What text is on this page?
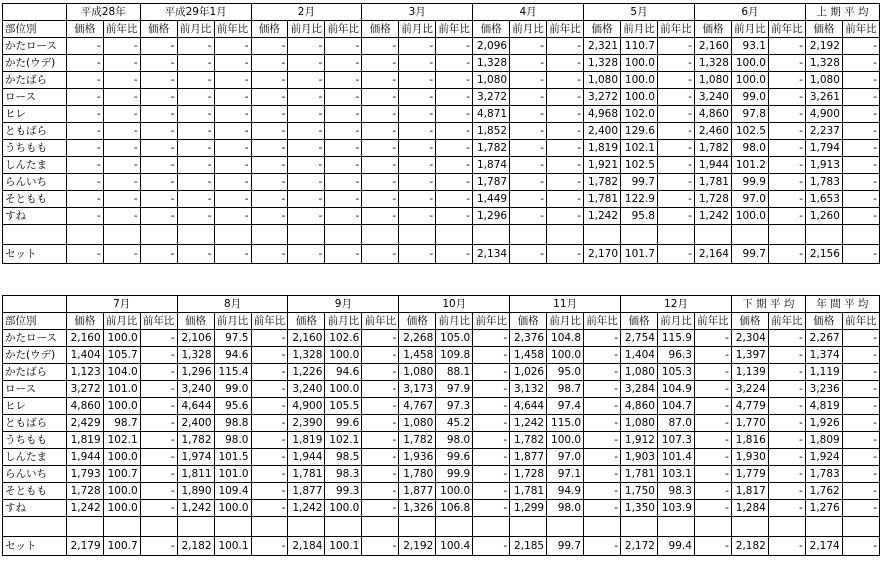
	平成28年		平成29年1月			2月			3月			4月			5月			6月			上 期 平 均	
部位別	価格	前年比	価格	前月比	前年比	価格	前月比	前年比	価格	前月比	前年比	価格	前月比	前年比	価格	前月比	前年比	価格	前月比	前年比	価格	前年比
かたロース	-	-	-	-	-	-	-	-	-	-	-	2,096	-	-	2,321	110.7	-	2,160	93.1	-	2,192	-
かた(ウデ)	-	-	-	-	-	-	-	-	-	-	-	1,328	-	-	1,328	100.0	-	1,328	100.0	-	1,328	-
かたばら	-	-	-	-	-	-	-	-	-	-	-	1,080	-	-	1,080	100.0	-	1,080	100.0	-	1,080	-
ロース	-	-	-	-	-	-	-	-	-	-	-	3,272	-	-	3,272	100.0	-	3,240	99.0	-	3,261	-
ヒレ	-	-	-	-	-	-	-	-	-	-	-	4,871	-	-	4,968	102.0	-	4,860	97.8	-	4,900	-
ともばら	-	-	-	-	-	-	-	-	-	-	-	1,852	-	-	2,400	129.6	-	2,460	102.5	-	2,237	-
うちもも	-	-	-	-	-	-	-	-	-	-	-	1,782	-	-	1,819	102.1	-	1,782	98.0	-	1,794	-
しんたま	-	-	-	-	-	-	-	-	-	-	-	1,874	-	-	1,921	102.5	-	1,944	101.2	-	1,913	-
らんいち	-	-	-	-	-	-	-	-	-	-	-	1,787	-	-	1,782	99.7	-	1,781	99.9	-	1,783	-
そともも	-	-	-	-	-	-	-	-	-	-	-	1,449	-	-	1,781	122.9	-	1,728	97.0	-	1,653	-
すね	-	-	-	-	-	-	-	-	-	-	-	1,296	-	-	1,242	95.8	-	1,242	100.0	-	1,260	-

セット	-	-	-	-	-	-	-	-	-	-	-	2,134	-	-	2,170	101.7	-	2,164	99.7	-	2,156	-
	7月			8月			9月			10月			11月			12月			下 期 平 均		年 間 平 均	
部位別	価格	前月比	前年比	価格	前月比	前年比	価格	前月比	前年比	価格	前月比	前年比	価格	前月比	前年比	価格	前月比	前年比	価格	前年比	価格	前年比
かたロース	2,160	100.0	-	2,106	97.5	-	2,160	102.6	-	2,268	105.0	-	2,376	104.8	-	2,754	115.9	-	2,304	-	2,267	-
かた(ウデ)	1,404	105.7	-	1,328	94.6	-	1,328	100.0	-	1,458	109.8	-	1,458	100.0	-	1,404	96.3	-	1,397	-	1,374	-
かたばら	1,123	104.0	-	1,296	115.4	-	1,226	94.6	-	1,080	88.1	-	1,026	95.0	-	1,080	105.3	-	1,139	-	1,119	-
ロース	3,272	101.0	-	3,240	99.0	-	3,240	100.0	-	3,173	97.9	-	3,132	98.7	-	3,284	104.9	-	3,224	-	3,236	-
ヒレ	4,860	100.0	-	4,644	95.6	-	4,900	105.5	-	4,767	97.3	-	4,644	97.4	-	4,860	104.7	-	4,779	-	4,819	-
ともばら	2,429	98.7	-	2,400	98.8	-	2,390	99.6	-	1,080	45.2	-	1,242	115.0	-	1,080	87.0	-	1,770	-	1,926	-
うちもも	1,819	102.1	-	1,782	98.0	-	1,819	102.1	-	1,782	98.0	-	1,782	100.0	-	1,912	107.3	-	1,816	-	1,809	-
しんたま	1,944	100.0	-	1,974	101.5	-	1,944	98.5	-	1,936	99.6	-	1,877	97.0	-	1,903	101.4	-	1,930	-	1,924	-
らんいち	1,793	100.7	-	1,811	101.0	-	1,781	98.3	-	1,780	99.9	-	1,728	97.1	-	1,781	103.1	-	1,779	-	1,783	-
そともも	1,728	100.0	-	1,890	109.4	-	1,877	99.3	-	1,877	100.0	-	1,781	94.9	-	1,750	98.3	-	1,817	-	1,762	-
すね	1,242	100.0	-	1,242	100.0	-	1,242	100.0	-	1,326	106.8	-	1,299	98.0	-	1,350	103.9	-	1,284	-	1,276	-

セット	2,179	100.7	-	2,182	100.1	-	2,184	100.1	-	2,192	100.4	-	2,185	99.7	-	2,172	99.4	-	2,182	-	2,174	-
